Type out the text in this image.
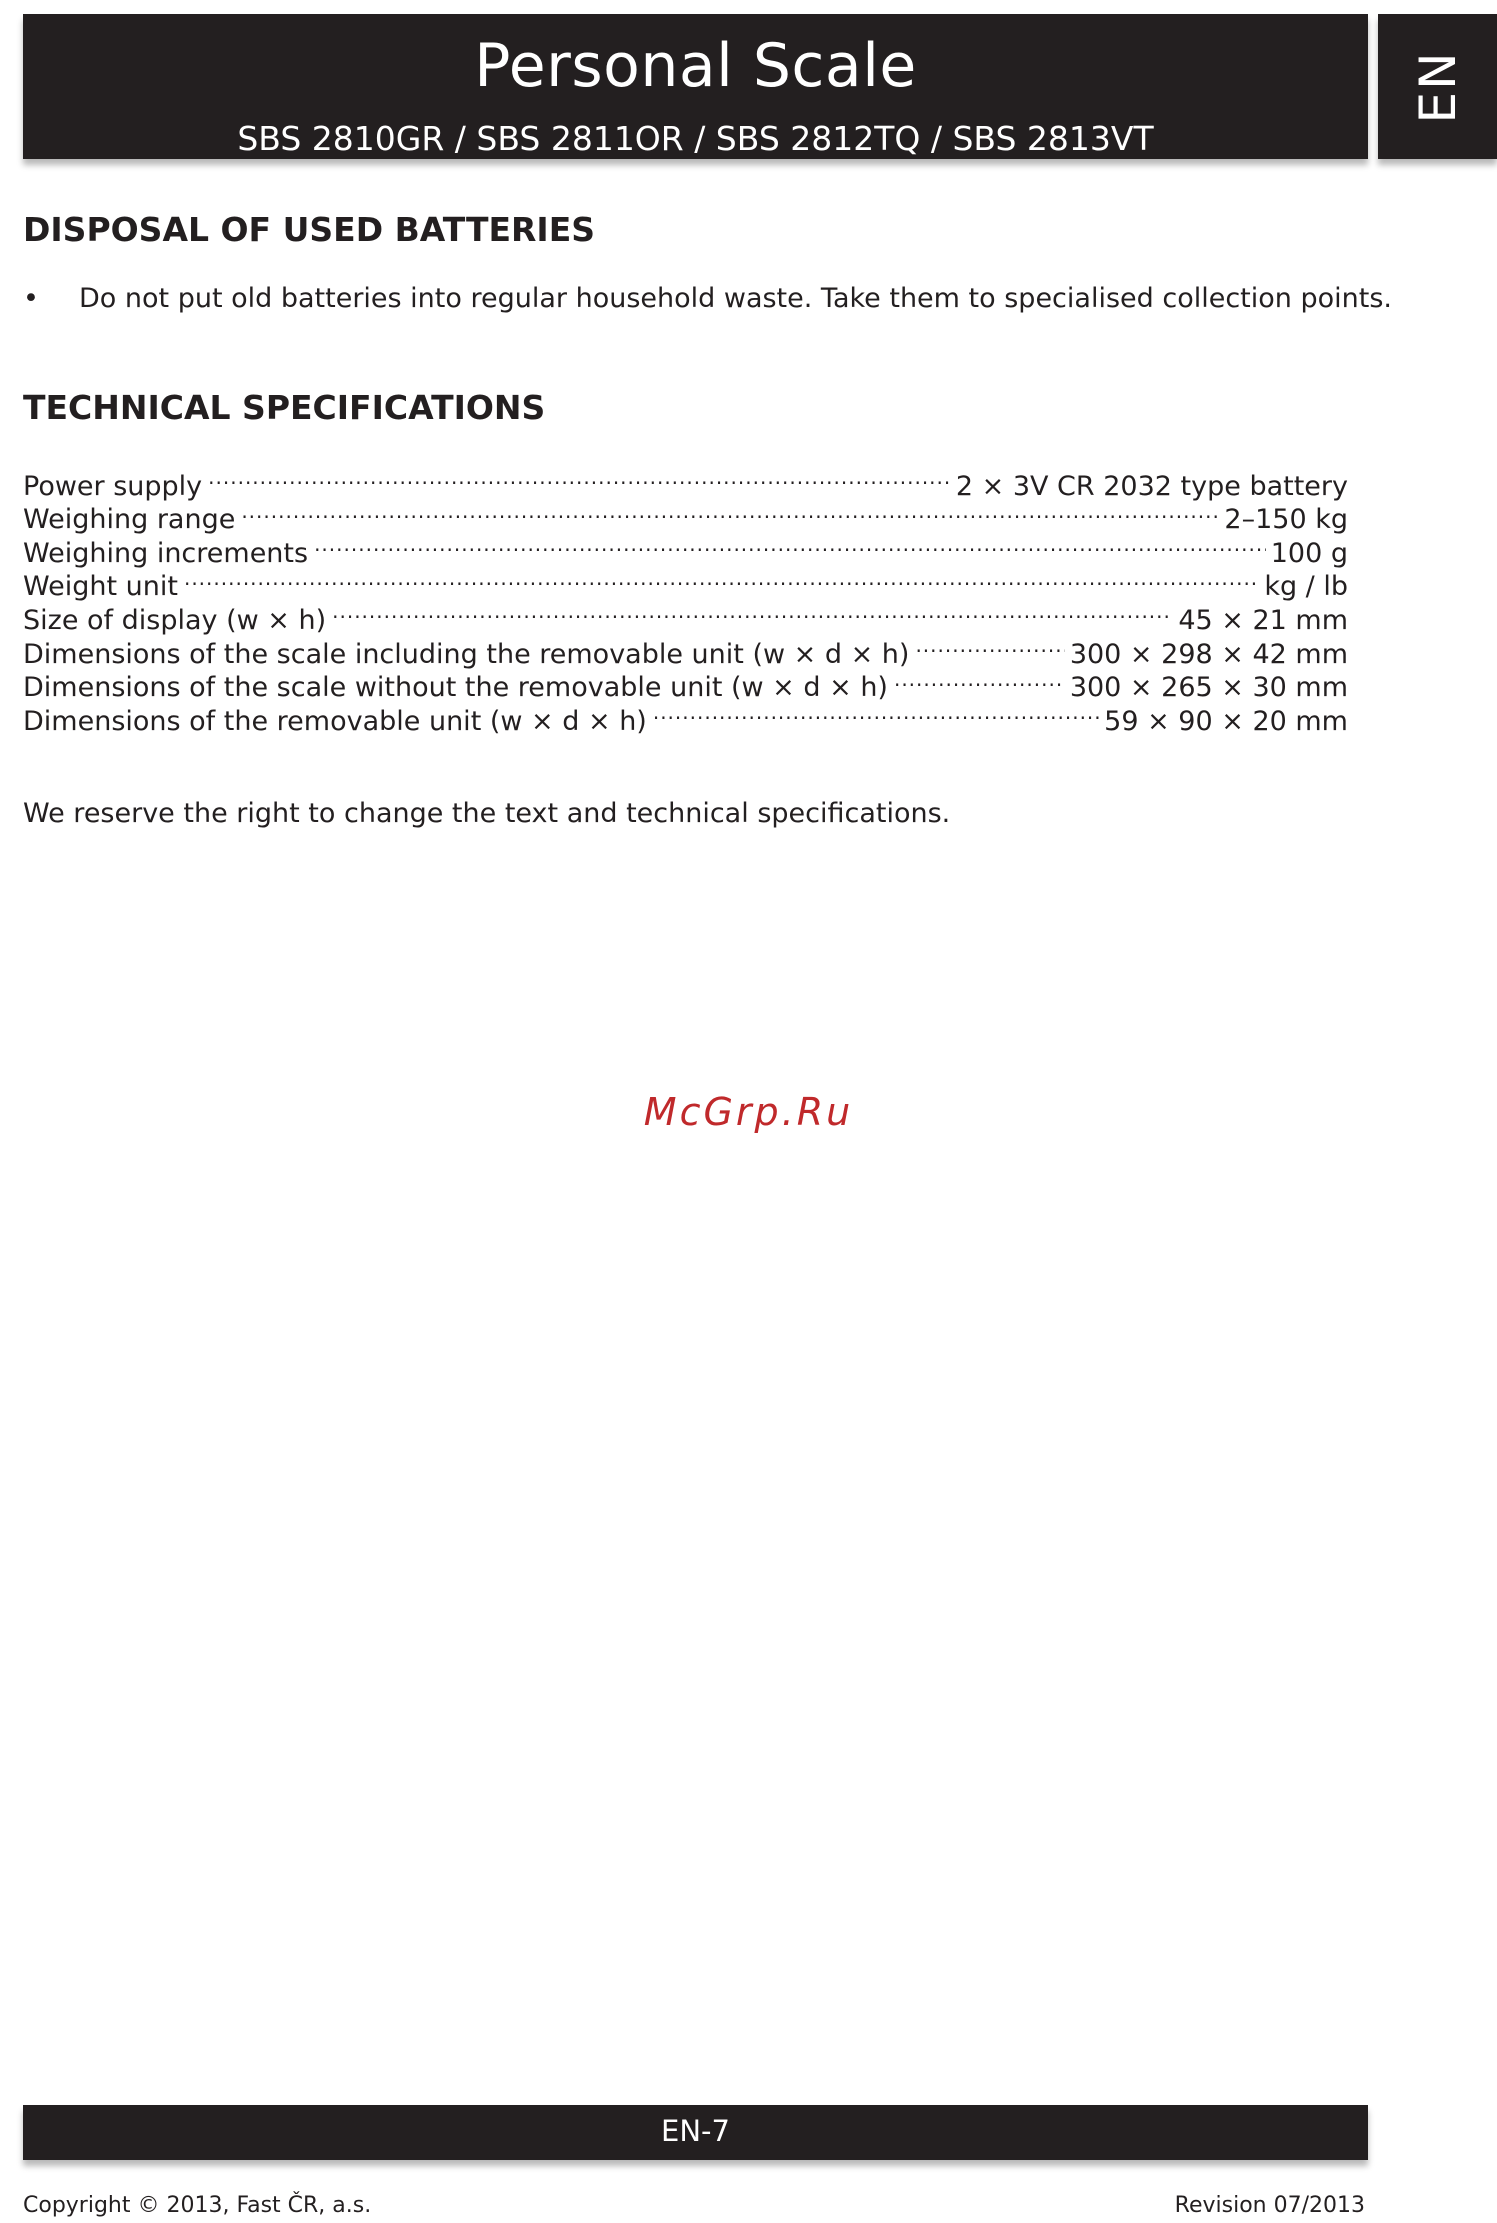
Personal Scale
SBS 2810GR / SBS 2811OR / SBS 2812TQ / SBS 2813VT
EN
DISPOSAL OF USED BATTERIES
• Do not put old batteries into regular household waste. Take them to specialised collection points.
TECHNICAL SPECIFICATIONS
Power supply .....	2 × 3V CR 2032 type battery
Weighing range .....	2–150 kg
Weighing increments .....	100 g
Weight unit .....	kg / lb
Size of display (w × h) .....	45 × 21 mm
Dimensions of the scale including the removable unit (w × d × h) .....	300 × 298 × 42 mm
Dimensions of the scale without the removable unit (w × d × h) .....	300 × 265 × 30 mm
Dimensions of the removable unit (w × d × h) .....	59 × 90 × 20 mm
We reserve the right to change the text and technical specifications.
McGrp.Ru
EN-7
Copyright © 2013, Fast ČR, a.s.	Revision 07/2013
